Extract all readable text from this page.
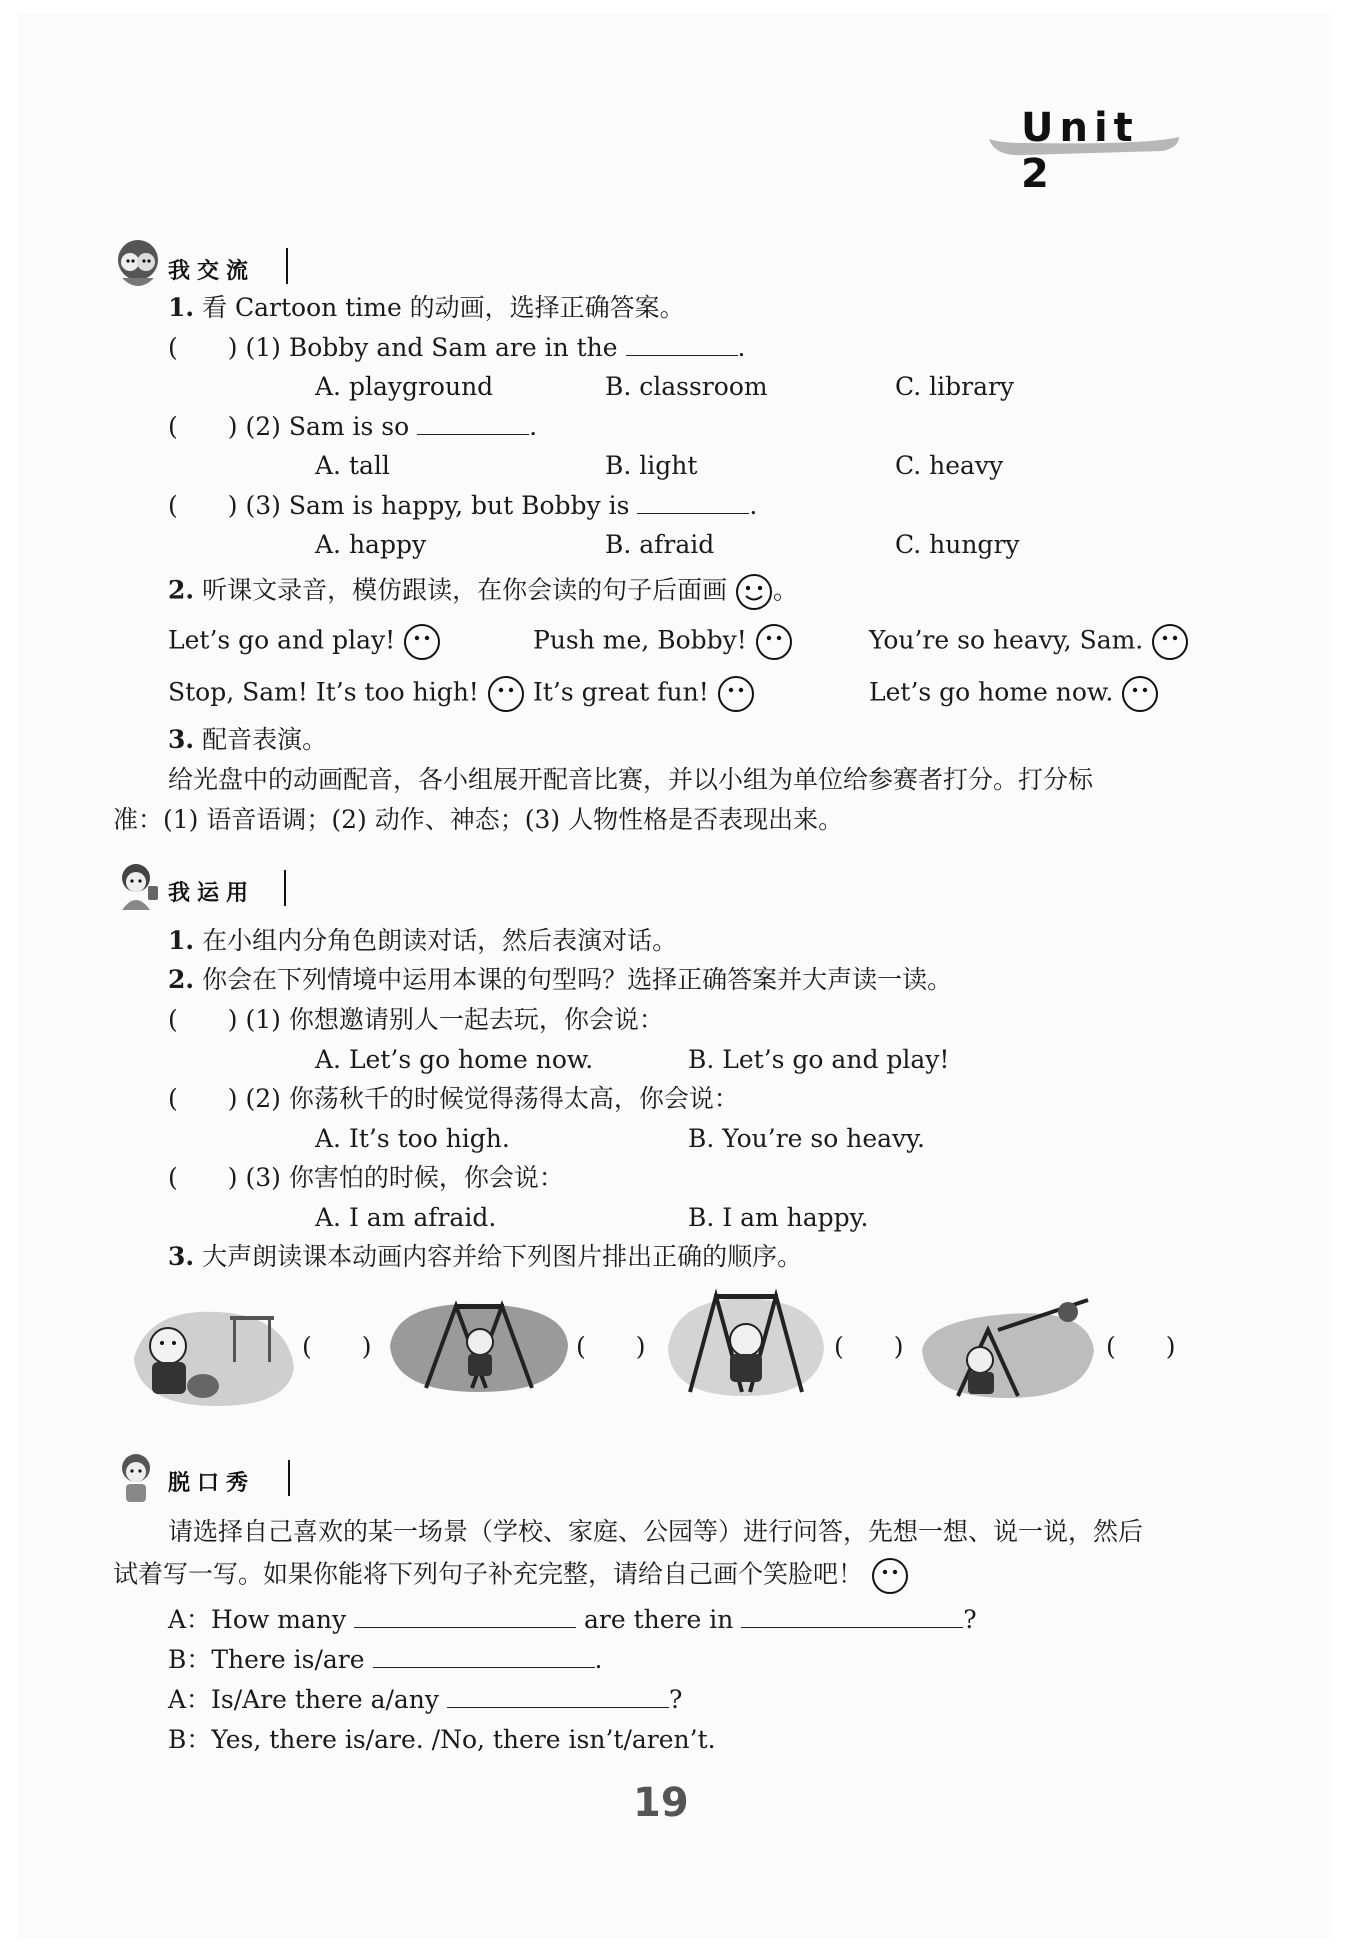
Unit 2
我交流
1. 看 Cartoon time 的动画，选择正确答案。
(　　) (1) Bobby and Sam are in the	.
A. playground	B. classroom	C. library
(　　) (2) Sam is so	.
A. tall	B. light	C. heavy
(　　) (3) Sam is happy, but Bobby is	.
A. happy	B. afraid	C. hungry
2. 听课文录音，模仿跟读，在你会读的句子后面画 。
Let’s go and play!	Push me, Bobby!	You’re so heavy, Sam.
Stop, Sam! It’s too high!	It’s great fun!	Let’s go home now.
3. 配音表演。
给光盘中的动画配音，各小组展开配音比赛，并以小组为单位给参赛者打分。打分标
准：(1) 语音语调；(2) 动作、神态；(3) 人物性格是否表现出来。
我运用
1. 在小组内分角色朗读对话，然后表演对话。
2. 你会在下列情境中运用本课的句型吗？选择正确答案并大声读一读。
(　　) (1) 你想邀请别人一起去玩，你会说：
A. Let’s go home now.	B. Let’s go and play!
(　　) (2) 你荡秋千的时候觉得荡得太高，你会说：
A. It’s too high.	B. You’re so heavy.
(　　) (3) 你害怕的时候，你会说：
A. I am afraid.	B. I am happy.
3. 大声朗读课本动画内容并给下列图片排出正确的顺序。
(　　)	(　　)	(　　)	(　　)
脱口秀
请选择自己喜欢的某一场景（学校、家庭、公园等）进行问答，先想一想、说一说，然后
试着写一写。如果你能将下列句子补充完整，请给自己画个笑脸吧！
A：How many	are there in	?
B：There is/are	.
A：Is/Are there a/any	?
B：Yes, there is/are. /No, there isn’t/aren’t.
19
